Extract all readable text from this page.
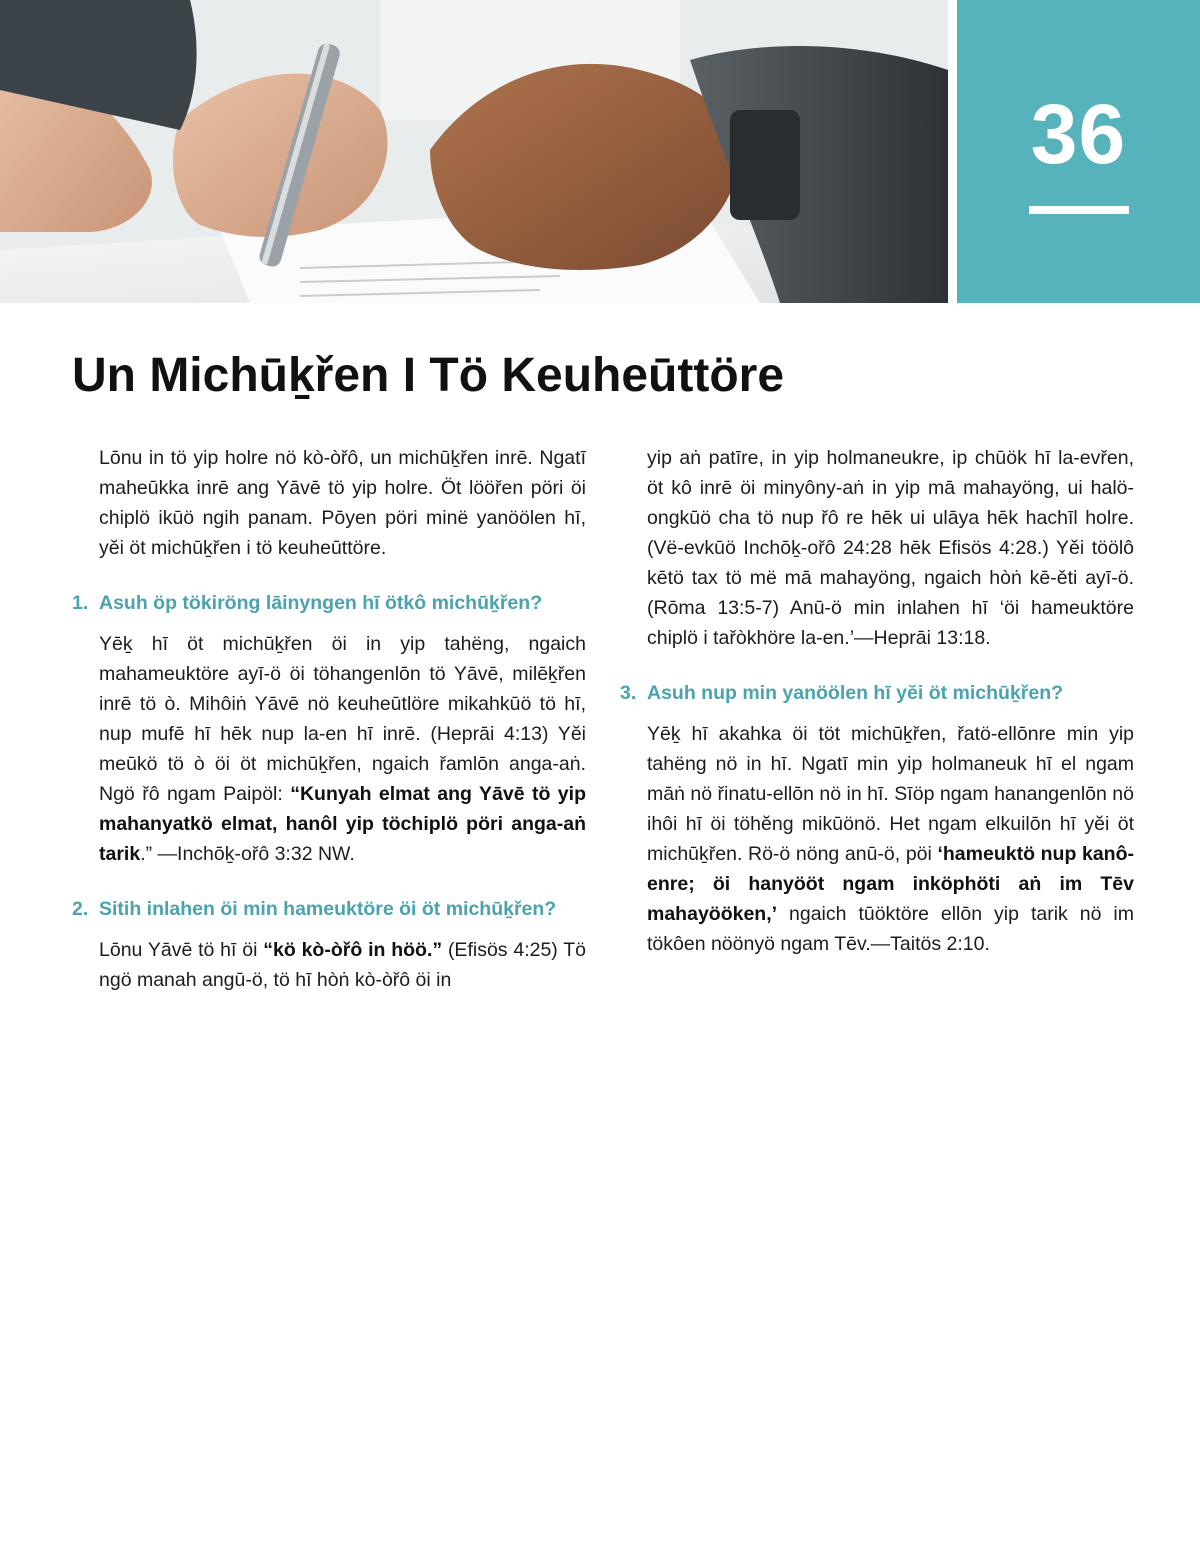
36
Un Michūḵřen I Tö Keuheūttöre

Lōnu in tö yip holre nö kò-òřô, un michūḵřen inrē. Ngatī maheūkka inrē ang Yāvē tö yip holre. Öt lööřen pöri öi chiplö ikūö ngih panam. Pōyen pöri minë yanöölen hī, yĕi öt michūḵřen i tö keuheūttöre.

1. Asuh öp tökiröng lāinyngen hī ötkô michūḵřen?

Yēḵ hī öt michūḵřen öi in yip tahëng, ngaich mahameuktöre ayī-ö öi töhangenlōn tö Yāvē, milēḵřen inrē tö ò. Mihôiṅ Yāvē nö keuheūtlöre mikahkūö tö hī, nup mufē hī hēk nup la-en hī inrē. (Heprāi 4:13) Yĕi meūkö tö ò öi öt michūḵřen, ngaich řamlōn anga-aṅ. Ngö řô ngam Paipöl: “Kunyah elmat ang Yāvē tö yip mahanyatkö elmat, hanôl yip töchiplö pöri anga-aṅ tarik.” —Inchōḵ-ořô 3:32 NW.

2. Sitih inlahen öi min hameuktöre öi öt michūḵřen?

Lōnu Yāvē tö hī öi “kö kò-òřô in höö.” (Efisös 4:25) Tö ngö manah angū-ö, tö hī hòṅ kò-òřô öi in

yip aṅ patīre, in yip holmaneukre, ip chūök hī la-evřen, öt kô inrē öi minyôny-aṅ in yip mā mahayöng, ui halö-ongkūö cha tö nup řô re hēk ui ulāya hēk hachīl holre. (Vë-evkūö Inchōḵ-ořô 24:28 hēk Efisös 4:28.) Yĕi töölô kētö tax tö më mā mahayöng, ngaich hòṅ kē-ěti ayī-ö. (Rōma 13:5-7) Anū-ö min inlahen hī ‘öi hameuktöre chiplö i tařòkhöre la-en.’—Heprāi 13:18.

3. Asuh nup min yanöölen hī yĕi öt michūḵřen?

Yēḵ hī akahka öi töt michūḵřen, řatö-ellōnre min yip tahëng nö in hī. Ngatī min yip holmaneuk hī el ngam māṅ nö řinatu-ellōn nö in hī. Sīöp ngam hanangenlōn nö ihôi hī öi töhĕng mikūönö. Het ngam elkuilōn hī yĕi öt michūḵřen. Rö-ö nöng anū-ö, pöi ‘hameuktö nup kanô-enre; öi hanyööt ngam inköphöti aṅ im Tēv mahayööken,’ ngaich tūöktöre ellōn yip tarik nö im tökôen nöönyö ngam Tēv.—Taitös 2:10.
